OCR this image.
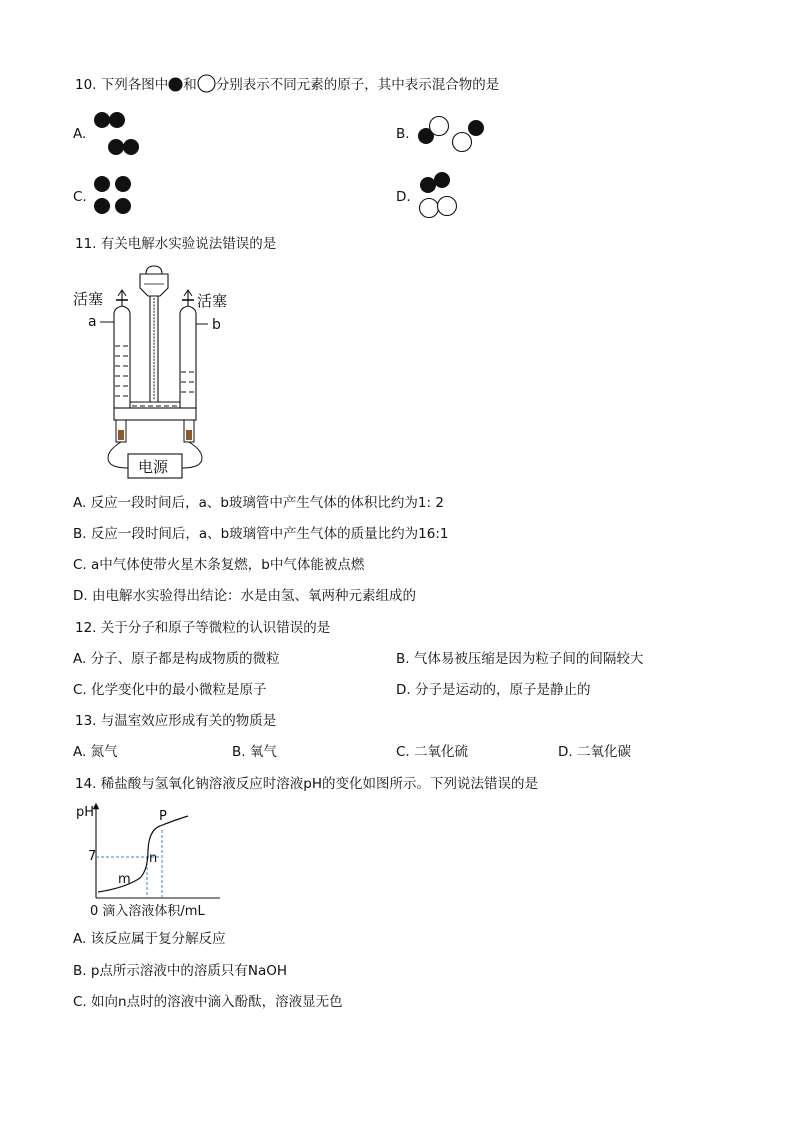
10. 下列各图中 和 分别表示不同元素的原子，其中表示混合物的是
A.	B.
C.	D.
11. 有关电解水实验说法错误的是
活塞	活塞
a	b
电源
A. 反应一段时间后，a、b玻璃管中产生气体的体积比约为1: 2
B. 反应一段时间后，a、b玻璃管中产生气体的质量比约为16:1
C. a中气体使带火星木条复燃，b中气体能被点燃
D. 由电解水实验得出结论：水是由氢、氧两种元素组成的
12. 关于分子和原子等微粒的认识错误的是
A. 分子、原子都是构成物质的微粒	B. 气体易被压缩是因为粒子间的间隔较大
C. 化学变化中的最小微粒是原子	D. 分子是运动的，原子是静止的
13. 与温室效应形成有关的物质是
A. 氮气	B. 氧气	C. 二氧化硫	D. 二氧化碳
14. 稀盐酸与氢氧化钠溶液反应时溶液pH的变化如图所示。下列说法错误的是
pH
7
m
n
P
0 滴入溶液体积/mL
A. 该反应属于复分解反应
B. p点所示溶液中的溶质只有NaOH
C. 如向n点时的溶液中滴入酚酞，溶液显无色
